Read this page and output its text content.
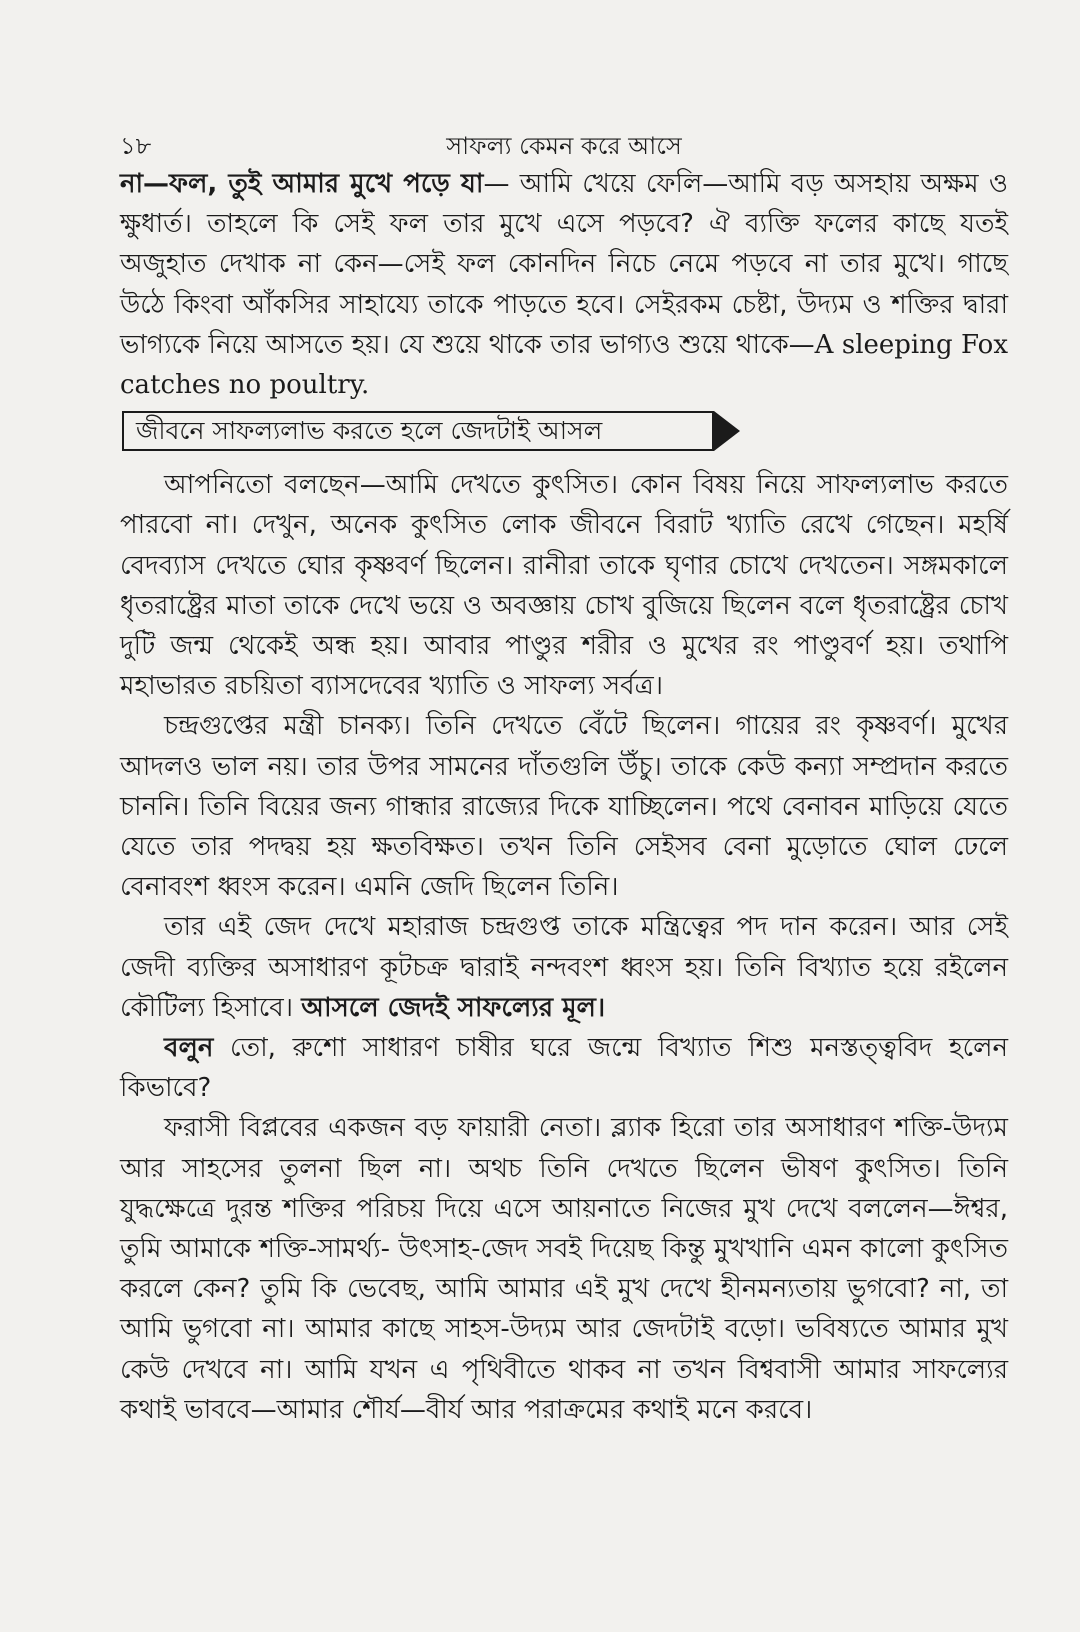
১৮	সাফল্য কেমন করে আসে

না—ফল, তুই আমার মুখে পড়ে যা— আমি খেয়ে ফেলি—আমি বড় অসহায় অক্ষম ও ক্ষুধার্ত। তাহলে কি সেই ফল তার মুখে এসে পড়বে? ঐ ব্যক্তি ফলের কাছে যতই অজুহাত দেখাক না কেন—সেই ফল কোনদিন নিচে নেমে পড়বে না তার মুখে। গাছে উঠে কিংবা আঁকসির সাহায্যে তাকে পাড়তে হবে। সেইরকম চেষ্টা, উদ্যম ও শক্তির দ্বারা ভাগ্যকে নিয়ে আসতে হয়। যে শুয়ে থাকে তার ভাগ্যও শুয়ে থাকে—A sleeping Fox catches no poultry.

জীবনে সাফল্যলাভ করতে হলে জেদটাই আসল

আপনিতো বলছেন—আমি দেখতে কুৎসিত। কোন বিষয় নিয়ে সাফল্যলাভ করতে পারবো না। দেখুন, অনেক কুৎসিত লোক জীবনে বিরাট খ্যাতি রেখে গেছেন। মহর্ষি বেদব্যাস দেখতে ঘোর কৃষ্ণবর্ণ ছিলেন। রানীরা তাকে ঘৃণার চোখে দেখতেন। সঙ্গমকালে ধৃতরাষ্ট্রের মাতা তাকে দেখে ভয়ে ও অবজ্ঞায় চোখ বুজিয়ে ছিলেন বলে ধৃতরাষ্ট্রের চোখ দুটি জন্ম থেকেই অন্ধ হয়। আবার পাণ্ডুর শরীর ও মুখের রং পাণ্ডুবর্ণ হয়। তথাপি মহাভারত রচয়িতা ব্যাসদেবের খ্যাতি ও সাফল্য সর্বত্র।

চন্দ্রগুপ্তের মন্ত্রী চানক্য। তিনি দেখতে বেঁটে ছিলেন। গায়ের রং কৃষ্ণবর্ণ। মুখের আদলও ভাল নয়। তার উপর সামনের দাঁতগুলি উঁচু। তাকে কেউ কন্যা সম্প্রদান করতে চাননি। তিনি বিয়ের জন্য গান্ধার রাজ্যের দিকে যাচ্ছিলেন। পথে বেনাবন মাড়িয়ে যেতে যেতে তার পদদ্বয় হয় ক্ষতবিক্ষত। তখন তিনি সেইসব বেনা মুড়োতে ঘোল ঢেলে বেনাবংশ ধ্বংস করেন। এমনি জেদি ছিলেন তিনি।

তার এই জেদ দেখে মহারাজ চন্দ্রগুপ্ত তাকে মন্ত্রিত্বের পদ দান করেন। আর সেই জেদী ব্যক্তির অসাধারণ কূটচক্র দ্বারাই নন্দবংশ ধ্বংস হয়। তিনি বিখ্যাত হয়ে রইলেন কৌটিল্য হিসাবে। আসলে জেদই সাফল্যের মূল।

বলুন তো, রুশো সাধারণ চাষীর ঘরে জন্মে বিখ্যাত শিশু মনস্তত্ত্ববিদ হলেন কিভাবে?

ফরাসী বিপ্লবের একজন বড় ফায়ারী নেতা। ব্ল্যাক হিরো তার অসাধারণ শক্তি-উদ্যম আর সাহসের তুলনা ছিল না। অথচ তিনি দেখতে ছিলেন ভীষণ কুৎসিত। তিনি যুদ্ধক্ষেত্রে দুরন্ত শক্তির পরিচয় দিয়ে এসে আয়নাতে নিজের মুখ দেখে বললেন—ঈশ্বর, তুমি আমাকে শক্তি-সামর্থ্য- উৎসাহ-জেদ সবই দিয়েছ কিন্তু মুখখানি এমন কালো কুৎসিত করলে কেন? তুমি কি ভেবেছ, আমি আমার এই মুখ দেখে হীনমন্যতায় ভুগবো? না, তা আমি ভুগবো না। আমার কাছে সাহস-উদ্যম আর জেদটাই বড়ো। ভবিষ্যতে আমার মুখ কেউ দেখবে না। আমি যখন এ পৃথিবীতে থাকব না তখন বিশ্ববাসী আমার সাফল্যের কথাই ভাববে—আমার শৌর্য—বীর্য আর পরাক্রমের কথাই মনে করবে।
